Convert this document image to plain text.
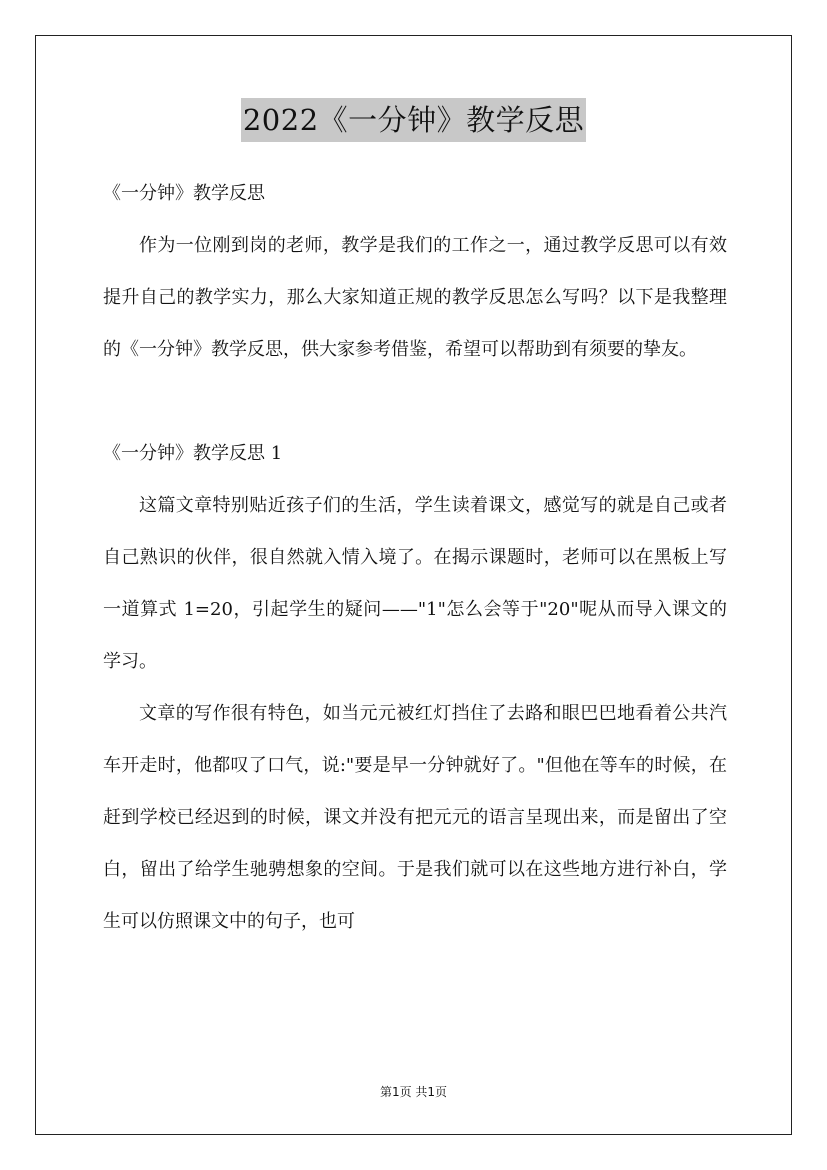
2022《一分钟》教学反思

《一分钟》教学反思

作为一位刚到岗的老师，教学是我们的工作之一，通过教学反思可以有效提升自己的教学实力，那么大家知道正规的教学反思怎么写吗？以下是我整理的《一分钟》教学反思，供大家参考借鉴，希望可以帮助到有须要的挚友。

《一分钟》教学反思 1

这篇文章特别贴近孩子们的生活，学生读着课文，感觉写的就是自己或者自己熟识的伙伴，很自然就入情入境了。在揭示课题时，老师可以在黑板上写一道算式 1=20，引起学生的疑问——"1"怎么会等于"20"呢从而导入课文的学习。

文章的写作很有特色，如当元元被红灯挡住了去路和眼巴巴地看着公共汽车开走时，他都叹了口气，说:"要是早一分钟就好了。"但他在等车的时候，在赶到学校已经迟到的时候，课文并没有把元元的语言呈现出来，而是留出了空白，留出了给学生驰骋想象的空间。于是我们就可以在这些地方进行补白，学生可以仿照课文中的句子，也可

第1页 共1页
